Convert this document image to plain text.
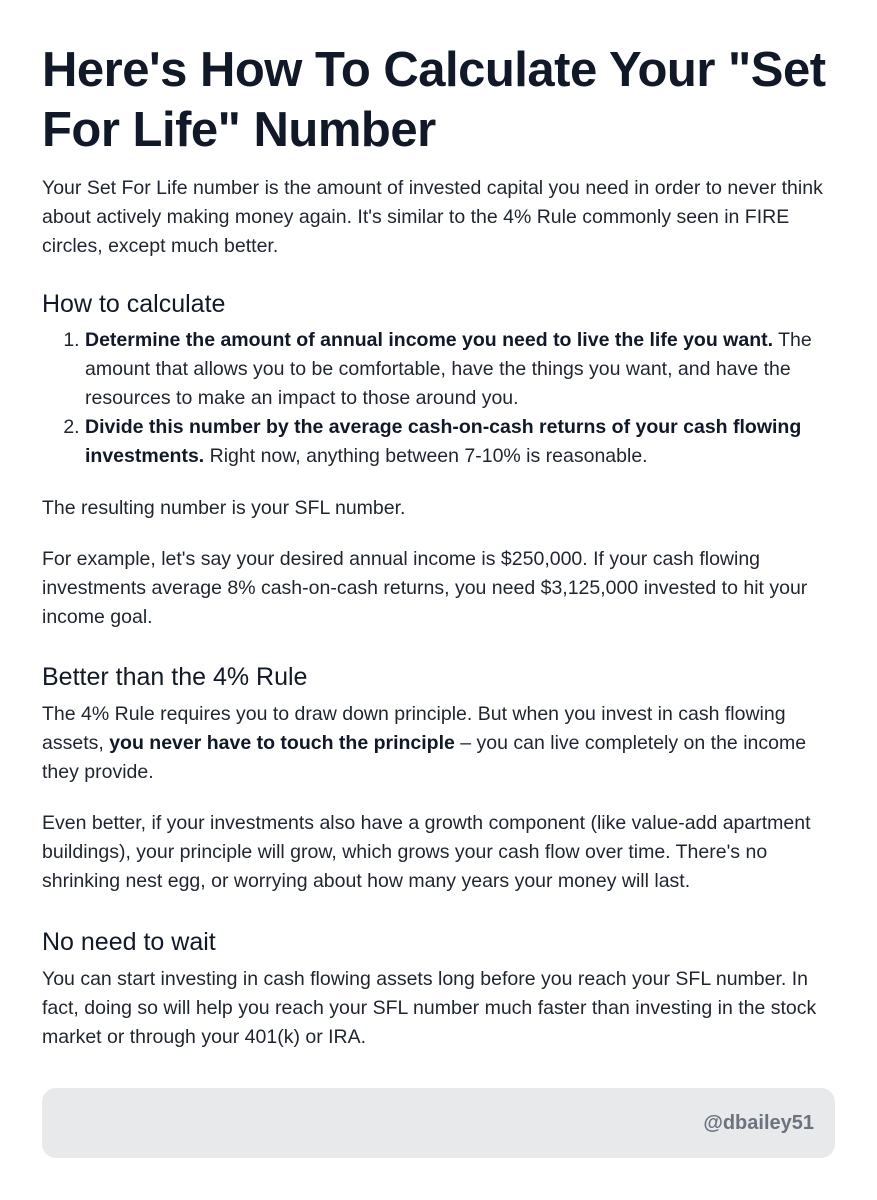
Here's How To Calculate Your "Set For Life" Number

Your Set For Life number is the amount of invested capital you need in order to never think about actively making money again. It's similar to the 4% Rule commonly seen in FIRE circles, except much better.

How to calculate
1. Determine the amount of annual income you need to live the life you want. The amount that allows you to be comfortable, have the things you want, and have the resources to make an impact to those around you.
2. Divide this number by the average cash-on-cash returns of your cash flowing investments. Right now, anything between 7-10% is reasonable.

The resulting number is your SFL number.

For example, let's say your desired annual income is $250,000. If your cash flowing investments average 8% cash-on-cash returns, you need $3,125,000 invested to hit your income goal.

Better than the 4% Rule

The 4% Rule requires you to draw down principle. But when you invest in cash flowing assets, you never have to touch the principle – you can live completely on the income they provide.

Even better, if your investments also have a growth component (like value-add apartment buildings), your principle will grow, which grows your cash flow over time. There's no shrinking nest egg, or worrying about how many years your money will last.

No need to wait

You can start investing in cash flowing assets long before you reach your SFL number. In fact, doing so will help you reach your SFL number much faster than investing in the stock market or through your 401(k) or IRA.

@dbailey51
